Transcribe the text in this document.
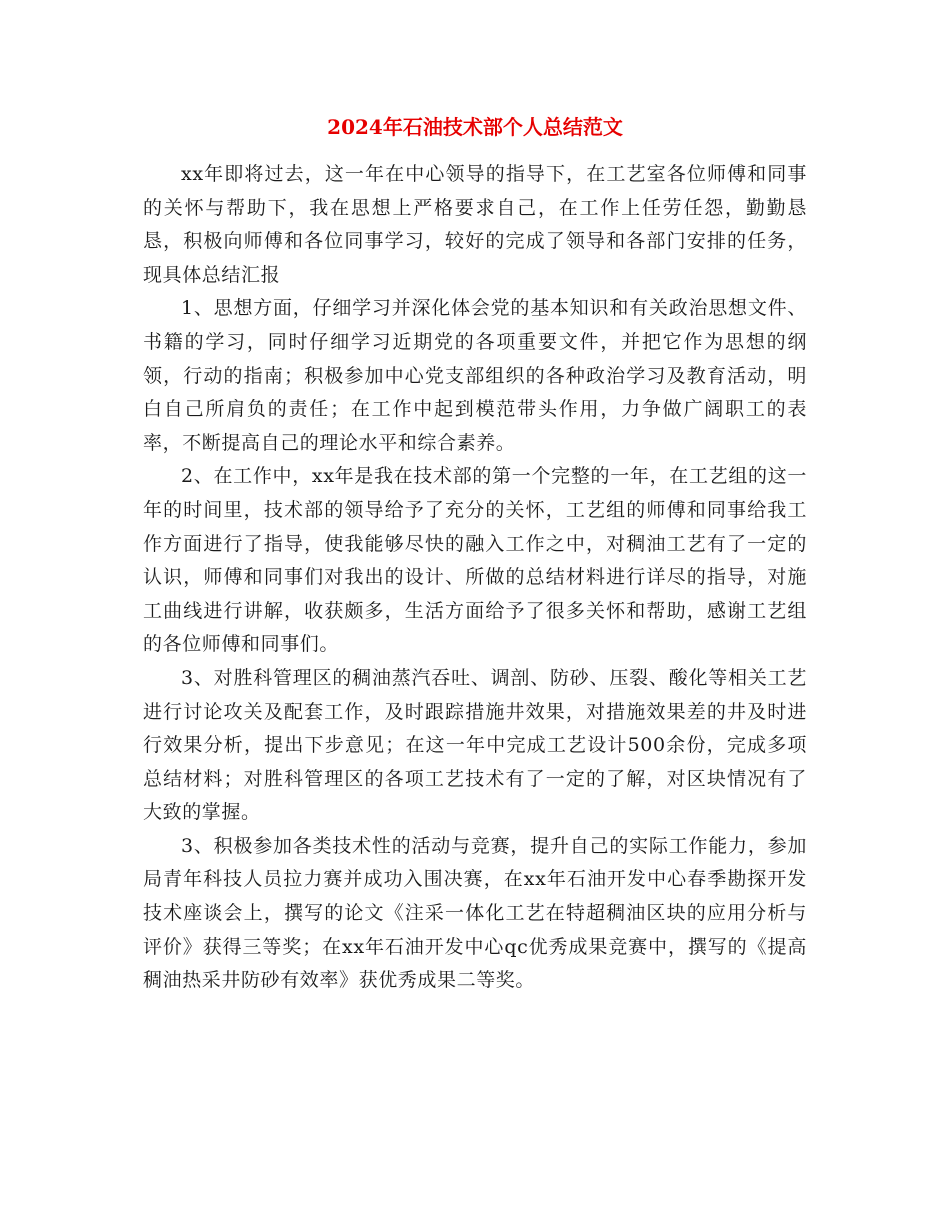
2024年石油技术部个人总结范文

xx年即将过去，这一年在中心领导的指导下，在工艺室各位师傅和同事的关怀与帮助下，我在思想上严格要求自己，在工作上任劳任怨，勤勤恳恳，积极向师傅和各位同事学习，较好的完成了领导和各部门安排的任务，现具体总结汇报

1、思想方面，仔细学习并深化体会党的基本知识和有关政治思想文件、书籍的学习，同时仔细学习近期党的各项重要文件，并把它作为思想的纲领，行动的指南；积极参加中心党支部组织的各种政治学习及教育活动，明白自己所肩负的责任；在工作中起到模范带头作用，力争做广阔职工的表率，不断提高自己的理论水平和综合素养。

2、在工作中，xx年是我在技术部的第一个完整的一年，在工艺组的这一年的时间里，技术部的领导给予了充分的关怀，工艺组的师傅和同事给我工作方面进行了指导，使我能够尽快的融入工作之中，对稠油工艺有了一定的认识，师傅和同事们对我出的设计、所做的总结材料进行详尽的指导，对施工曲线进行讲解，收获颇多，生活方面给予了很多关怀和帮助，感谢工艺组的各位师傅和同事们。

3、对胜科管理区的稠油蒸汽吞吐、调剖、防砂、压裂、酸化等相关工艺进行讨论攻关及配套工作，及时跟踪措施井效果，对措施效果差的井及时进行效果分析，提出下步意见；在这一年中完成工艺设计500余份，完成多项总结材料；对胜科管理区的各项工艺技术有了一定的了解，对区块情况有了大致的掌握。

3、积极参加各类技术性的活动与竞赛，提升自己的实际工作能力，参加局青年科技人员拉力赛并成功入围决赛，在xx年石油开发中心春季勘探开发技术座谈会上，撰写的论文《注采一体化工艺在特超稠油区块的应用分析与评价》获得三等奖；在xx年石油开发中心qc优秀成果竞赛中，撰写的《提高稠油热采井防砂有效率》获优秀成果二等奖。
